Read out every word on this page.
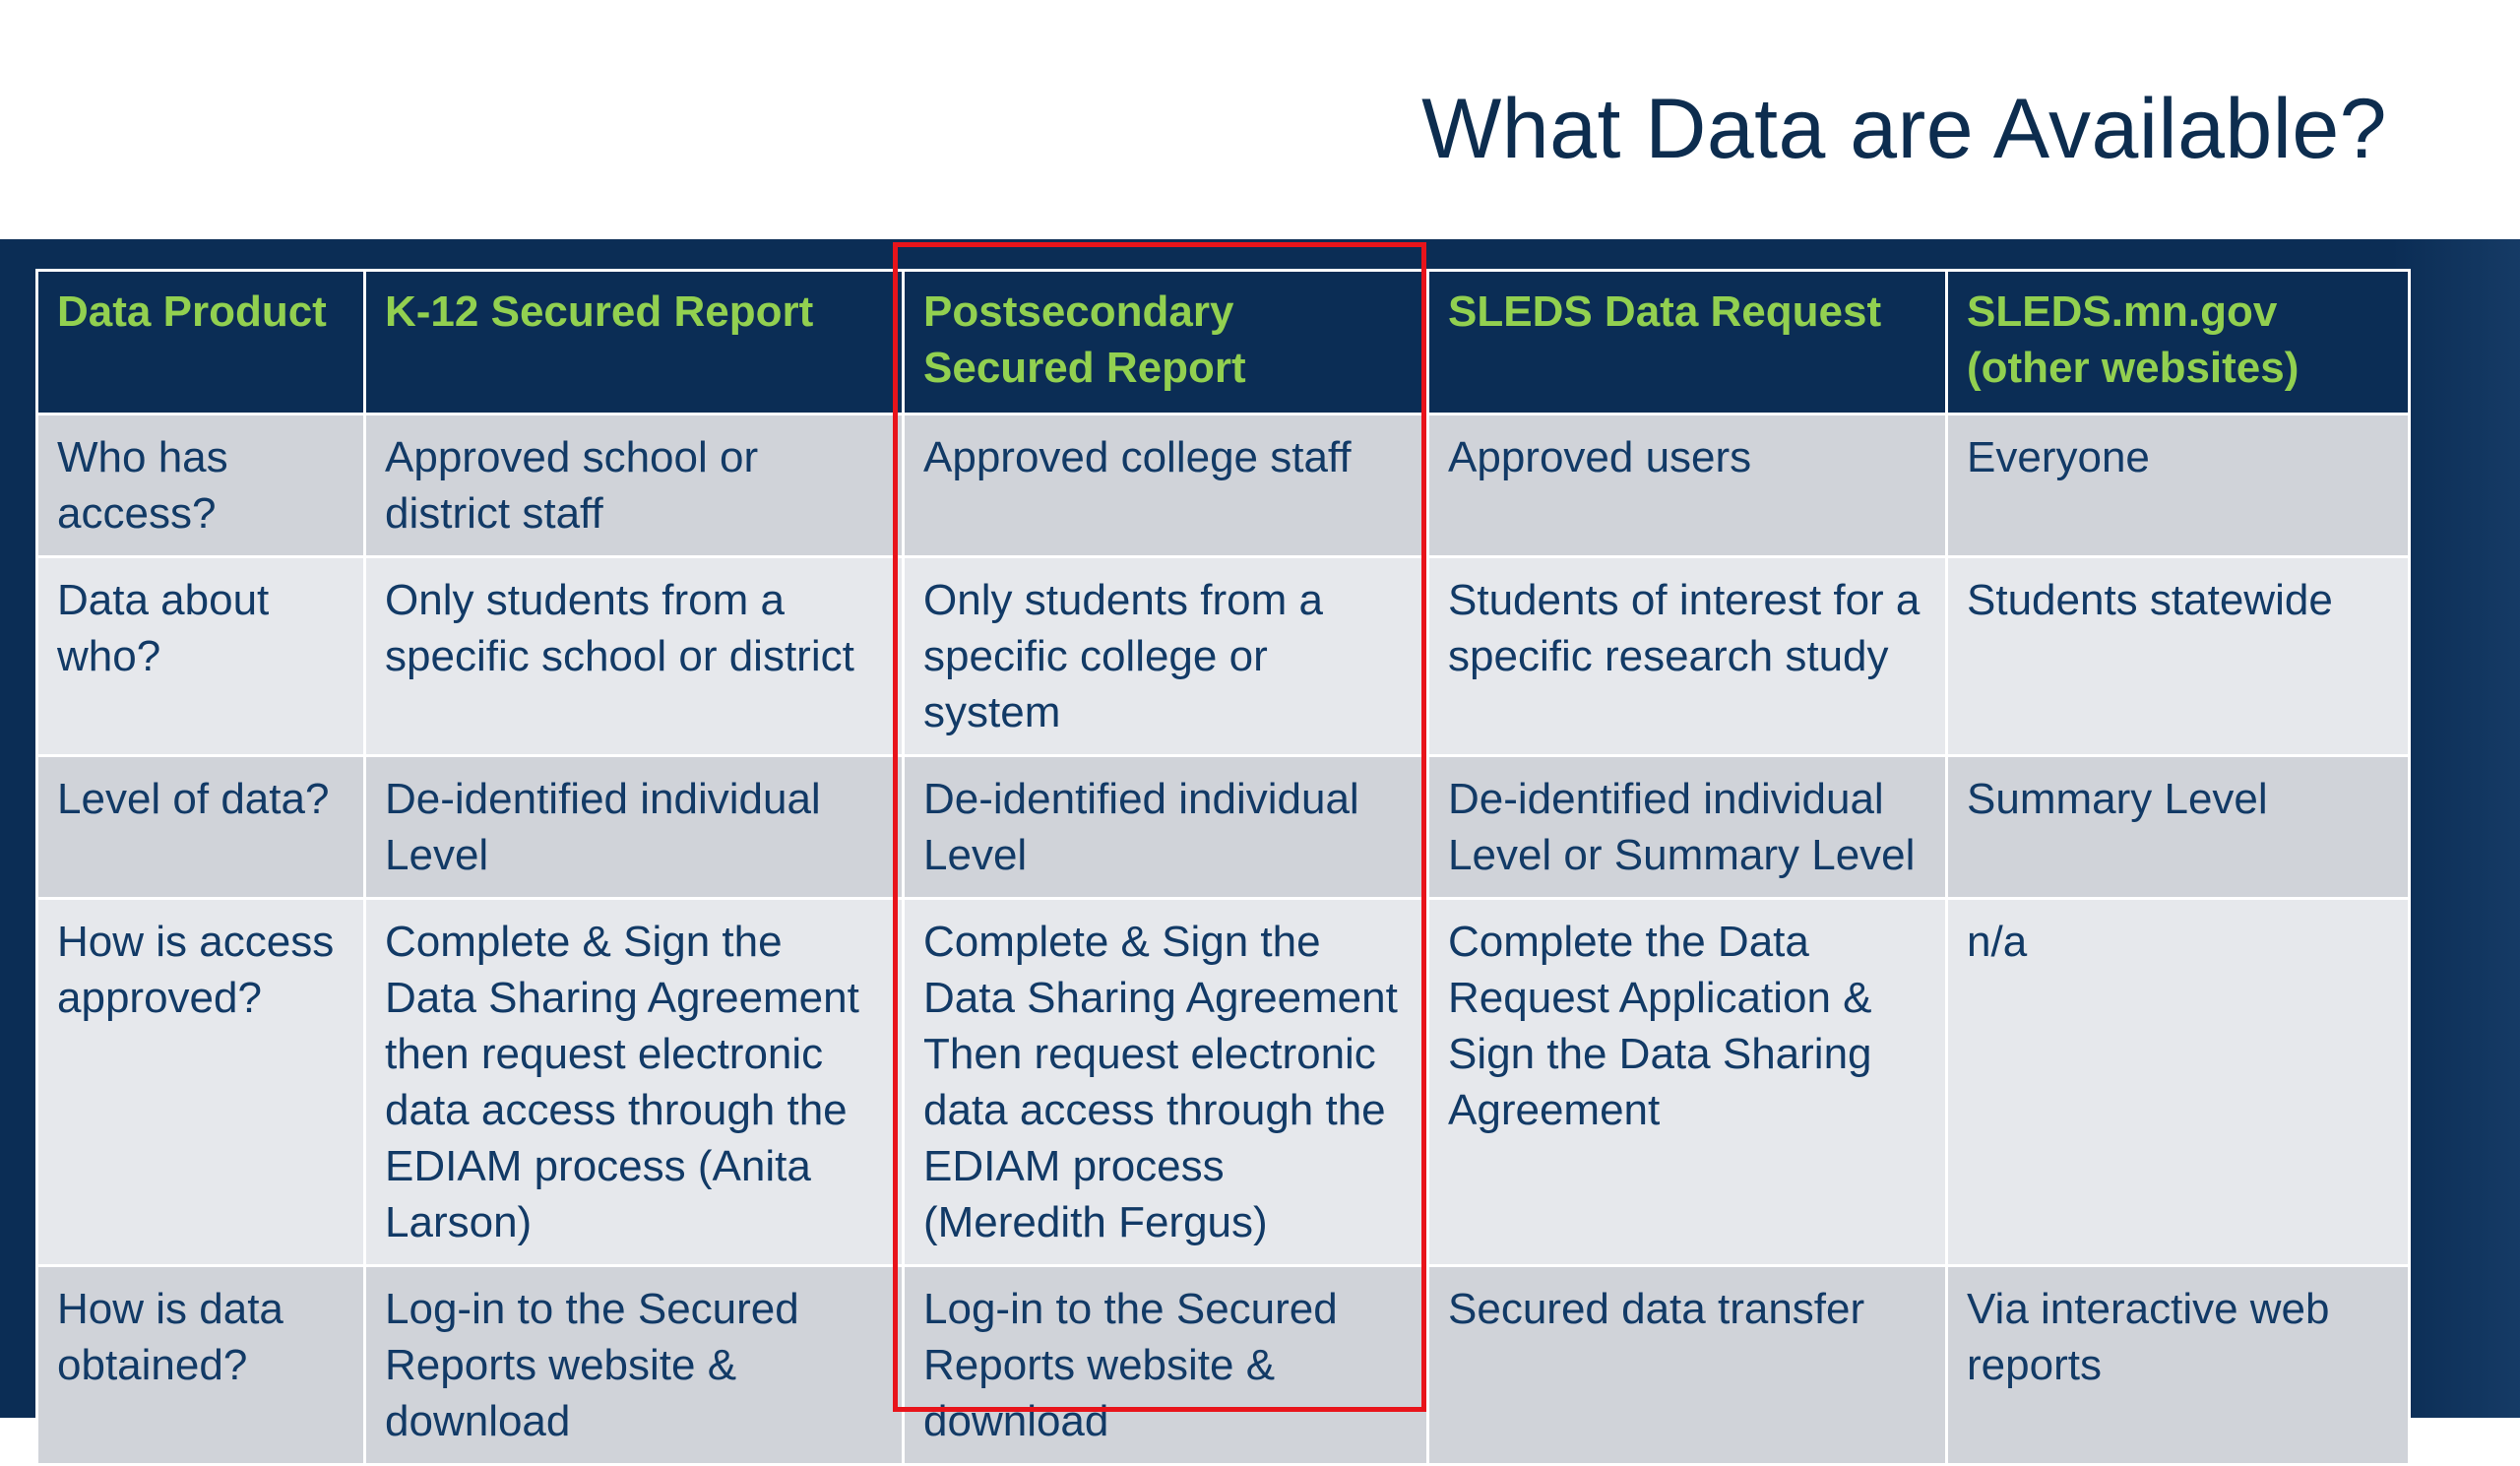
What Data are Available?
Data Product	K-12 Secured Report	Postsecondary Secured Report	SLEDS Data Request	SLEDS.mn.gov (other websites)
Who has access?	Approved school or district staff	Approved college staff	Approved users	Everyone
Data about who?	Only students from a specific school or district	Only students from a specific college or system	Students of interest for a specific research study	Students statewide
Level of data?	De-identified individual Level	De-identified individual Level	De-identified individual Level or Summary Level	Summary Level
How is access approved?	Complete & Sign the Data Sharing Agreement then request electronic data access through the EDIAM process (Anita Larson)	Complete & Sign the Data Sharing Agreement Then request electronic data access through the EDIAM process (Meredith Fergus)	Complete the Data Request Application & Sign the Data Sharing Agreement	n/a
How is data obtained?	Log-in to the Secured Reports website & download	Log-in to the Secured Reports website & download	Secured data transfer	Via interactive web reports
